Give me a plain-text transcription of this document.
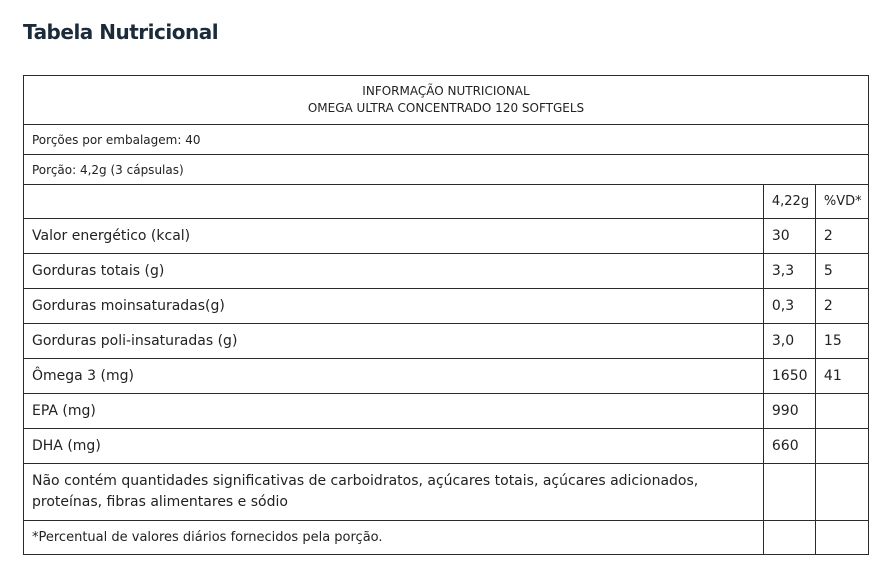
Tabela Nutricional
INFORMAÇÃO NUTRICIONAL
OMEGA ULTRA CONCENTRADO 120 SOFTGELS		

Porções por embalagem: 40		
Porção: 4,2g (3 cápsulas)		
	4,22g	%VD*
Valor energético (kcal)	30	2
Gorduras totais (g)	3,3	5
Gorduras moinsaturadas(g)	0,3	2
Gorduras poli-insaturadas (g)	3,0	15
Ômega 3 (mg)	1650	41
EPA (mg)	990	
DHA (mg)	660	

Não contém quantidades significativas de carboidratos, açúcares totais, açúcares adicionados,
proteínas, fibras alimentares e sódio		

*Percentual de valores diários fornecidos pela porção.		
